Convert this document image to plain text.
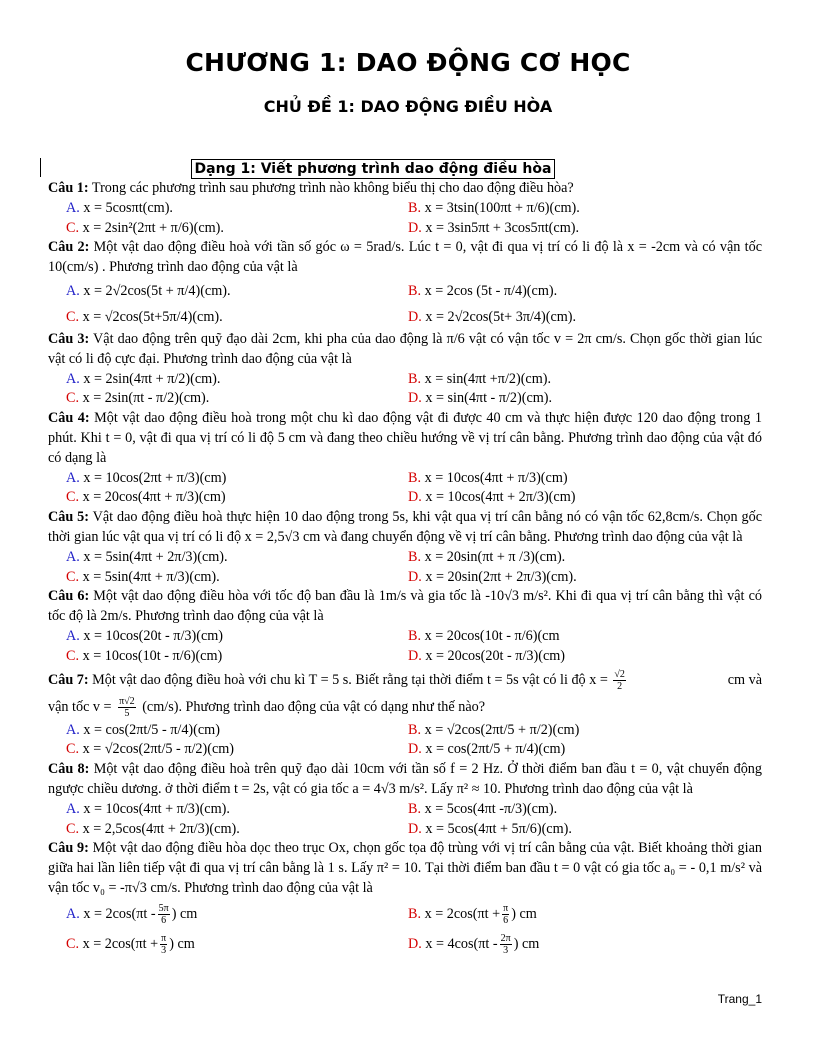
CHƯƠNG 1: DAO ĐỘNG CƠ HỌC
CHỦ ĐỀ 1: DAO ĐỘNG ĐIỀU HÒA
Dạng 1: Viết phương trình dao động điều hòa
Câu 1: Trong các phương trình sau phương trình nào không biểu thị cho dao động điều hòa?
A. x = 5cosπt(cm).	B. x = 3tsin(100πt + π/6)(cm).
C. x = 2sin²(2πt + π/6)(cm).	D. x = 3sin5πt + 3cos5πt(cm).
Câu 2: Một vật dao động điều hoà với tần số góc ω = 5rad/s. Lúc t = 0, vật đi qua vị trí có li độ là x = -2cm và có vận tốc 10(cm/s) . Phương trình dao động của vật là
A. x = 2√2cos(5t + π/4)(cm).	B. x = 2cos (5t - π/4)(cm).
C. x = √2cos(5t+5π/4)(cm).	D. x = 2√2cos(5t+ 3π/4)(cm).
Câu 3: Vật dao động trên quỹ đạo dài 2cm, khi pha của dao động là π/6 vật có vận tốc v = 2π cm/s. Chọn gốc thời gian lúc vật có li độ cực đại. Phương trình dao động của vật là
A. x = 2sin(4πt + π/2)(cm).	B. x = sin(4πt +π/2)(cm).
C. x = 2sin(πt - π/2)(cm).	D. x = sin(4πt - π/2)(cm).
Câu 4: Một vật dao động điều hoà trong một chu kì dao động vật đi được 40 cm và thực hiện được 120 dao động trong 1 phút. Khi t = 0, vật đi qua vị trí có li độ 5 cm và đang theo chiều hướng về vị trí cân bằng. Phương trình dao động của vật đó có dạng là
A. x = 10cos(2πt + π/3)(cm)	B. x = 10cos(4πt + π/3)(cm)
C. x = 20cos(4πt + π/3)(cm)	D. x = 10cos(4πt + 2π/3)(cm)
Câu 5: Vật dao động điều hoà thực hiện 10 dao động trong 5s, khi vật qua vị trí cân bằng nó có vận tốc 62,8cm/s. Chọn gốc thời gian lúc vật qua vị trí có li độ x = 2,5√3 cm và đang chuyển động về vị trí cân bằng. Phương trình dao động của vật là
A. x = 5sin(4πt + 2π/3)(cm).	B. x = 20sin(πt + π /3)(cm).
C. x = 5sin(4πt + π/3)(cm).	D. x = 20sin(2πt + 2π/3)(cm).
Câu 6: Một vật dao động điều hòa với tốc độ ban đầu là 1m/s và gia tốc là -10√3 m/s². Khi đi qua vị trí cân bằng thì vật có tốc độ là 2m/s. Phương trình dao động của vật là
A. x = 10cos(20t - π/3)(cm)	B. x = 20cos(10t - π/6)(cm
C. x = 10cos(10t - π/6)(cm)	D. x = 20cos(20t - π/3)(cm)
Câu 7: Một vật dao động điều hoà với chu kì T = 5 s. Biết rằng tại thời điểm t = 5s vật có li độ $x = \frac{√2}{2}$	cm và
vận tốc $v = \frac{\pi√2}{5} (cm/s)$. Phương trình dao động của vật có dạng như thế nào?
A. x = cos(2πt/5 - π/4)(cm)	B. x = √2cos(2πt/5 + π/2)(cm)
C. x = √2cos(2πt/5 - π/2)(cm)	D. x = cos(2πt/5 + π/4)(cm)
Câu 8: Một vật dao động điều hoà trên quỹ đạo dài 10cm với tần số f = 2 Hz. Ở thời điểm ban đầu t = 0, vật chuyển động ngược chiều dương. ở thời điểm t = 2s, vật có gia tốc a = 4√3 m/s². Lấy π² ≈ 10. Phương trình dao động của vật là
A. x = 10cos(4πt + π/3)(cm).	B. x = 5cos(4πt -π/3)(cm).
C. x = 2,5cos(4πt + 2π/3)(cm).	D. x = 5cos(4πt + 5π/6)(cm).
Câu 9: Một vật dao động điều hòa dọc theo trục Ox, chọn gốc tọa độ trùng với vị trí cân bằng của vật. Biết khoảng thời gian giữa hai lần liên tiếp vật đi qua vị trí cân bằng là 1 s. Lấy π² = 10. Tại thời điểm ban đầu t = 0 vật có gia tốc a₀ = - 0,1 m/s² và vận tốc v₀ = -π√3 cm/s. Phương trình dao động của vật là
A. $x = 2\cos(\pi t - \frac{5\pi}{6}$ ) cm	B. $x = 2\cos(\pi t + \frac{\pi}{6}$ ) cm
C. $x = 2\cos(\pi t + \frac{\pi}{3}$ ) cm	D. $x = 4\cos(\pi t - \frac{2\pi}{3}$ ) cm
Trang_1
